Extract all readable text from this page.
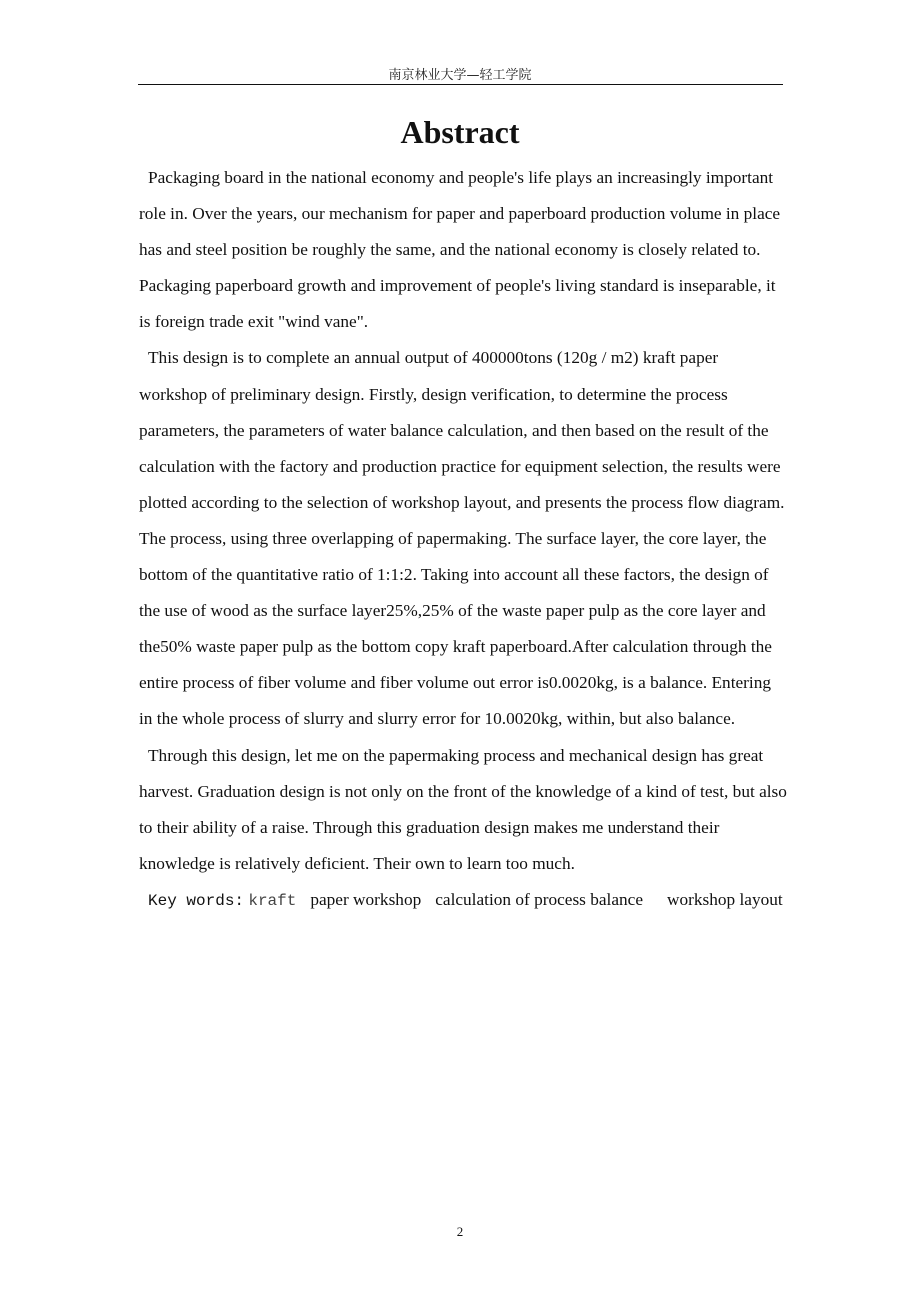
南京林业大学—轻工学院
Abstract

Packaging board in the national economy and people's life plays an increasingly important role in. Over the years, our mechanism for paper and paperboard production volume in place has and steel position be roughly the same, and the national economy is closely related to. Packaging paperboard growth and improvement of people's living standard is inseparable, it is foreign trade exit "wind vane".

This design is to complete an annual output of 400000tons (120g / m2) kraft paper workshop of preliminary design. Firstly, design verification, to determine the process parameters, the parameters of water balance calculation, and then based on the result of the calculation with the factory and production practice for equipment selection, the results were plotted according to the selection of workshop layout, and presents the process flow diagram. The process, using three overlapping of papermaking. The surface layer, the core layer, the bottom of the quantitative ratio of 1:1:2. Taking into account all these factors, the design of the use of wood as the surface layer25%,25% of the waste paper pulp as the core layer and the50% waste paper pulp as the bottom copy kraft paperboard.After calculation through the entire process of fiber volume and fiber volume out error is0.0020kg, is a balance. Entering in the whole process of slurry and slurry error for 10.0020kg, within, but also balance.

Through this design, let me on the papermaking process and mechanical design has great harvest. Graduation design is not only on the front of the knowledge of a kind of test, but also to their ability of a raise. Through this graduation design makes me understand their knowledge is relatively deficient. Their own to learn too much.

Key words: kraft paper workshop calculation of process balance workshop layout

2
